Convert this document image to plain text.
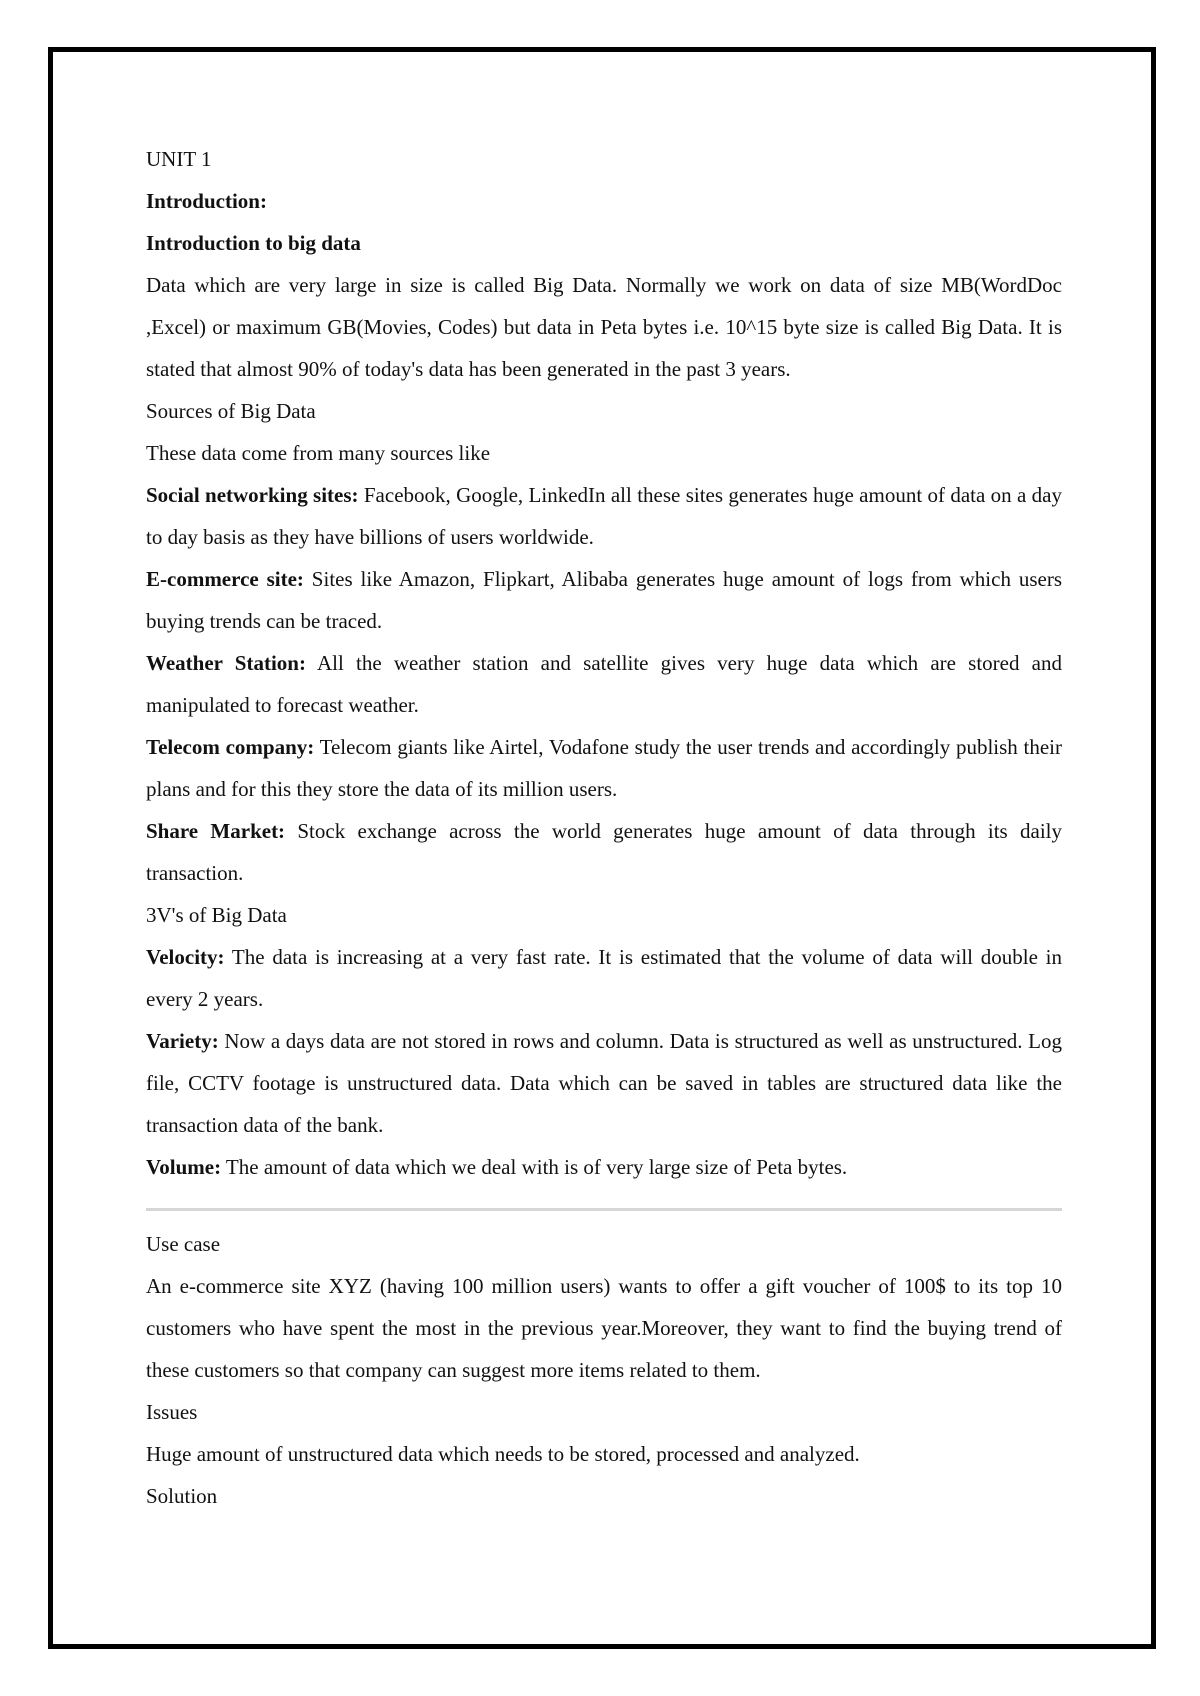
UNIT 1

Introduction:

Introduction to big data

Data which are very large in size is called Big Data. Normally we work on data of size MB(WordDoc ,Excel) or maximum GB(Movies, Codes) but data in Peta bytes i.e. 10^15 byte size is called Big Data. It is stated that almost 90% of today's data has been generated in the past 3 years.

Sources of Big Data

These data come from many sources like

Social networking sites: Facebook, Google, LinkedIn all these sites generates huge amount of data on a day to day basis as they have billions of users worldwide.

E-commerce site: Sites like Amazon, Flipkart, Alibaba generates huge amount of logs from which users buying trends can be traced.

Weather Station: All the weather station and satellite gives very huge data which are stored and manipulated to forecast weather.

Telecom company: Telecom giants like Airtel, Vodafone study the user trends and accordingly publish their plans and for this they store the data of its million users.

Share Market: Stock exchange across the world generates huge amount of data through its daily transaction.

3V's of Big Data

Velocity: The data is increasing at a very fast rate. It is estimated that the volume of data will double in every 2 years.

Variety: Now a days data are not stored in rows and column. Data is structured as well as unstructured. Log file, CCTV footage is unstructured data. Data which can be saved in tables are structured data like the transaction data of the bank.

Volume: The amount of data which we deal with is of very large size of Peta bytes.

Use case

An e-commerce site XYZ (having 100 million users) wants to offer a gift voucher of 100$ to its top 10 customers who have spent the most in the previous year.Moreover, they want to find the buying trend of these customers so that company can suggest more items related to them.

Issues

Huge amount of unstructured data which needs to be stored, processed and analyzed.

Solution
